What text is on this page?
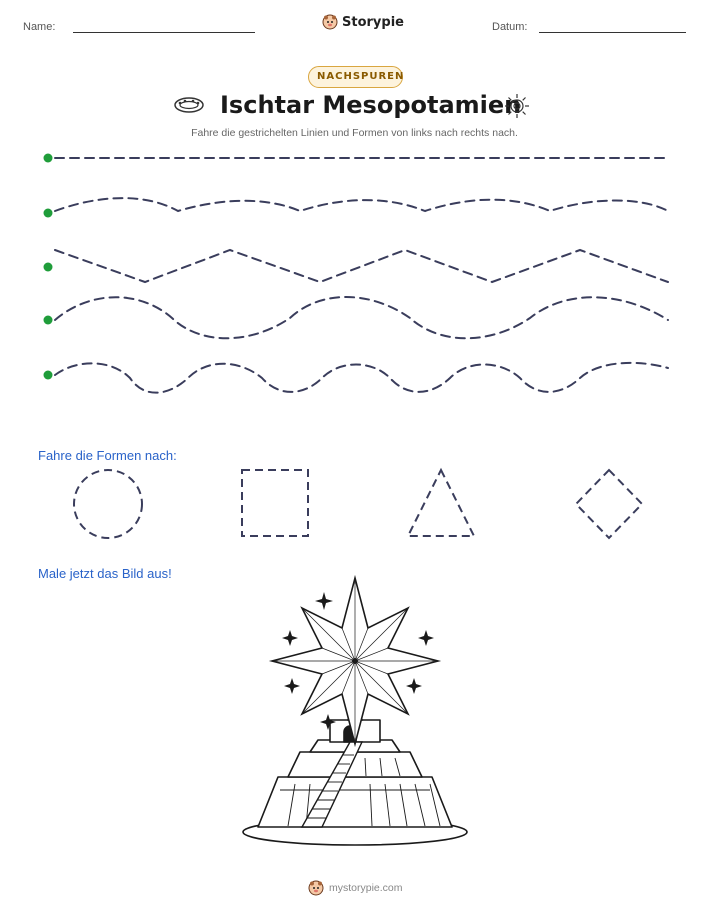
Name:	Storypie	Datum:
NACHSPUREN
Ischtar Mesopotamien
Fahre die gestrichelten Linien und Formen von links nach rechts nach.
Fahre die Formen nach:
Male jetzt das Bild aus!
mystorypie.com
